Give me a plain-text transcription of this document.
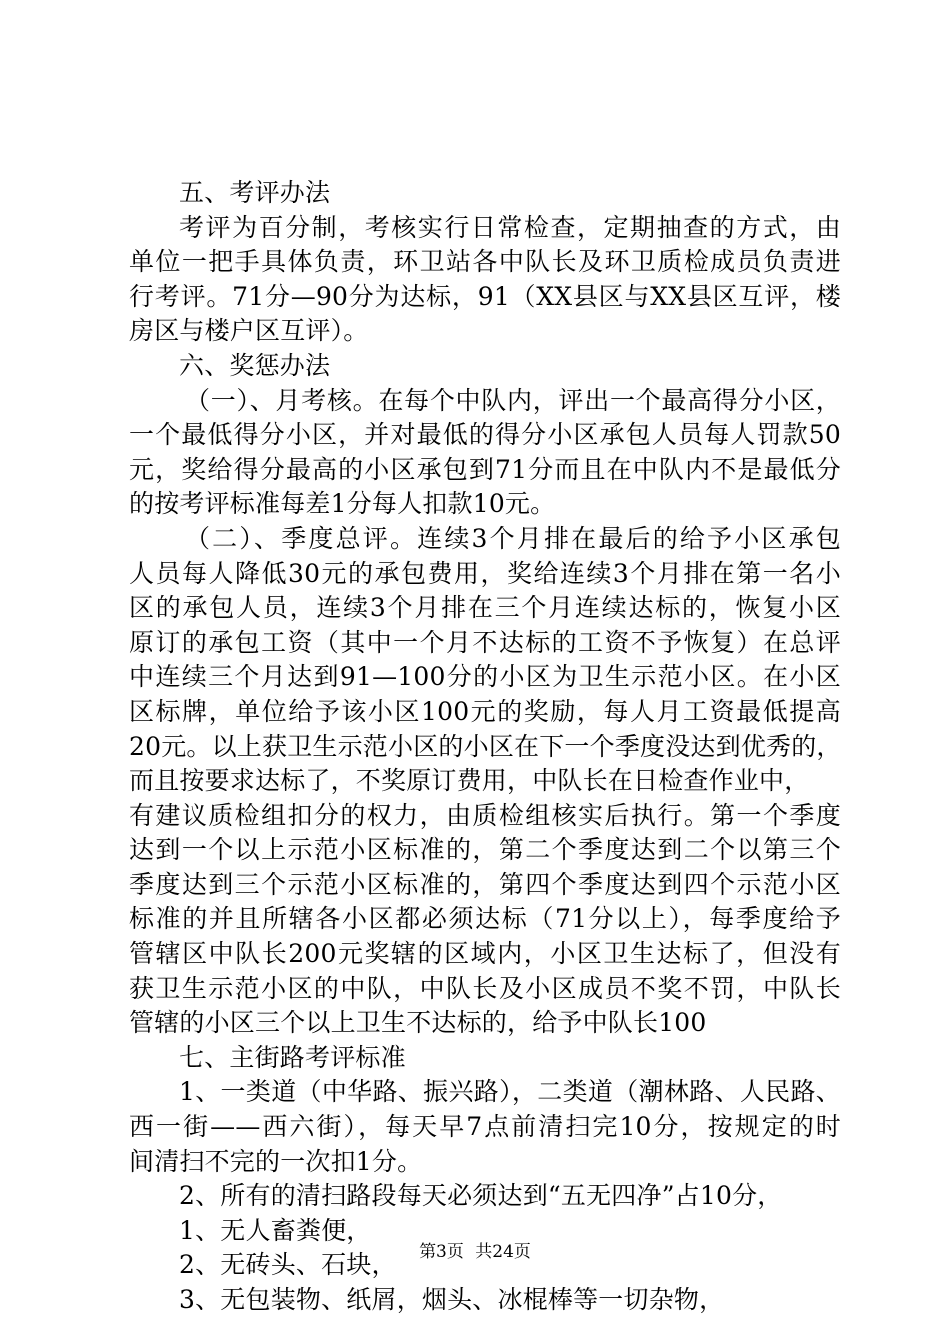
五、考评办法
考评为百分制，考核实行日常检查，定期抽查的方式，由
单位一把手具体负责，环卫站各中队长及环卫质检成员负责进
行考评。71分—90分为达标，91（XX县区与XX县区互评，楼
房区与楼户区互评）。
六、奖惩办法
（一）、月考核。在每个中队内，评出一个最高得分小区，
一个最低得分小区，并对最低的得分小区承包人员每人罚款50
元，奖给得分最高的小区承包到71分而且在中队内不是最低分
的按考评标准每差1分每人扣款10元。
（二）、季度总评。连续3个月排在最后的给予小区承包
人员每人降低30元的承包费用，奖给连续3个月排在第一名小
区的承包人员，连续3个月排在三个月连续达标的，恢复小区
原订的承包工资（其中一个月不达标的工资不予恢复）在总评
中连续三个月达到91—100分的小区为卫生示范小区。在小区
区标牌，单位给予该小区100元的奖励，每人月工资最低提高
20元。以上获卫生示范小区的小区在下一个季度没达到优秀的，
而且按要求达标了，不奖原订费用，中队长在日检查作业中，
有建议质检组扣分的权力，由质检组核实后执行。第一个季度
达到一个以上示范小区标准的，第二个季度达到二个以第三个
季度达到三个示范小区标准的，第四个季度达到四个示范小区
标准的并且所辖各小区都必须达标（71分以上），每季度给予
管辖区中队长200元奖辖的区域内，小区卫生达标了，但没有
获卫生示范小区的中队，中队长及小区成员不奖不罚，中队长
管辖的小区三个以上卫生不达标的，给予中队长100
七、主街路考评标准
1、一类道（中华路、振兴路），二类道（潮林路、人民路、
西一街——西六街），每天早7点前清扫完10分，按规定的时
间清扫不完的一次扣1分。
2、所有的清扫路段每天必须达到“五无四净”占10分，
1、无人畜粪便，
2、无砖头、石块，
3、无包装物、纸屑，烟头、冰棍棒等一切杂物，
第3页 共24页
